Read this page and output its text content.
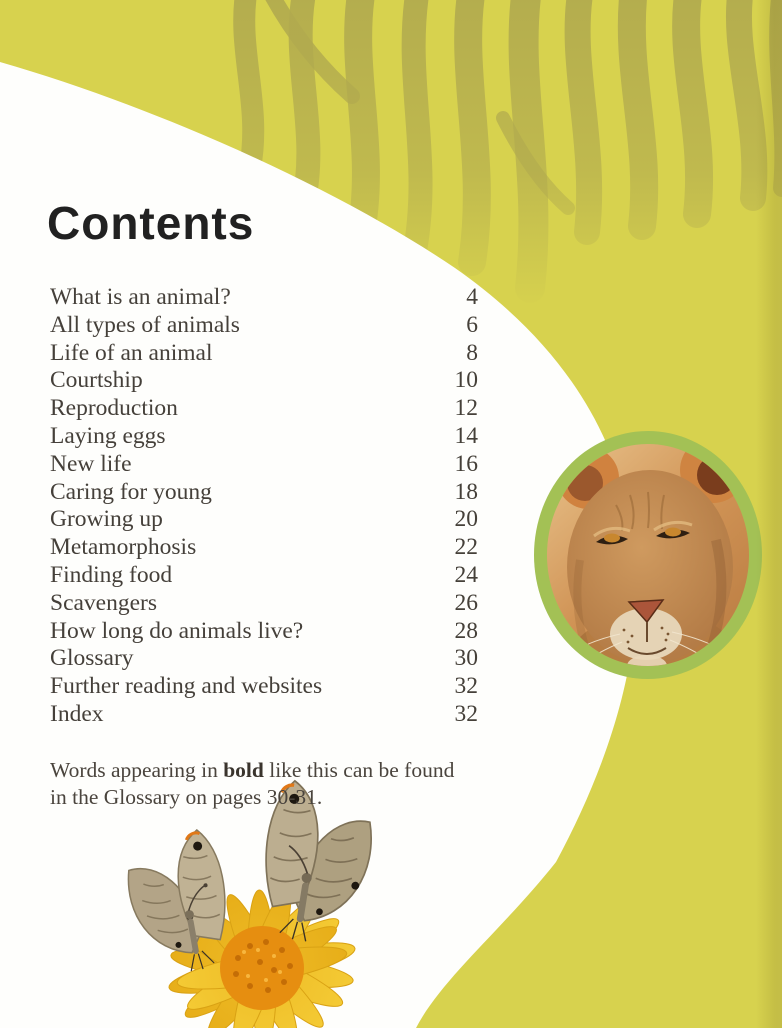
Contents
What is an animal?	4
All types of animals	6
Life of an animal	8
Courtship	10
Reproduction	12
Laying eggs	14
New life	16
Caring for young	18
Growing up	20
Metamorphosis	22
Finding food	24
Scavengers	26
How long do animals live?	28
Glossary	30
Further reading and websites	32
Index	32
Words appearing in bold like this can be found
in the Glossary on pages 30-31.
